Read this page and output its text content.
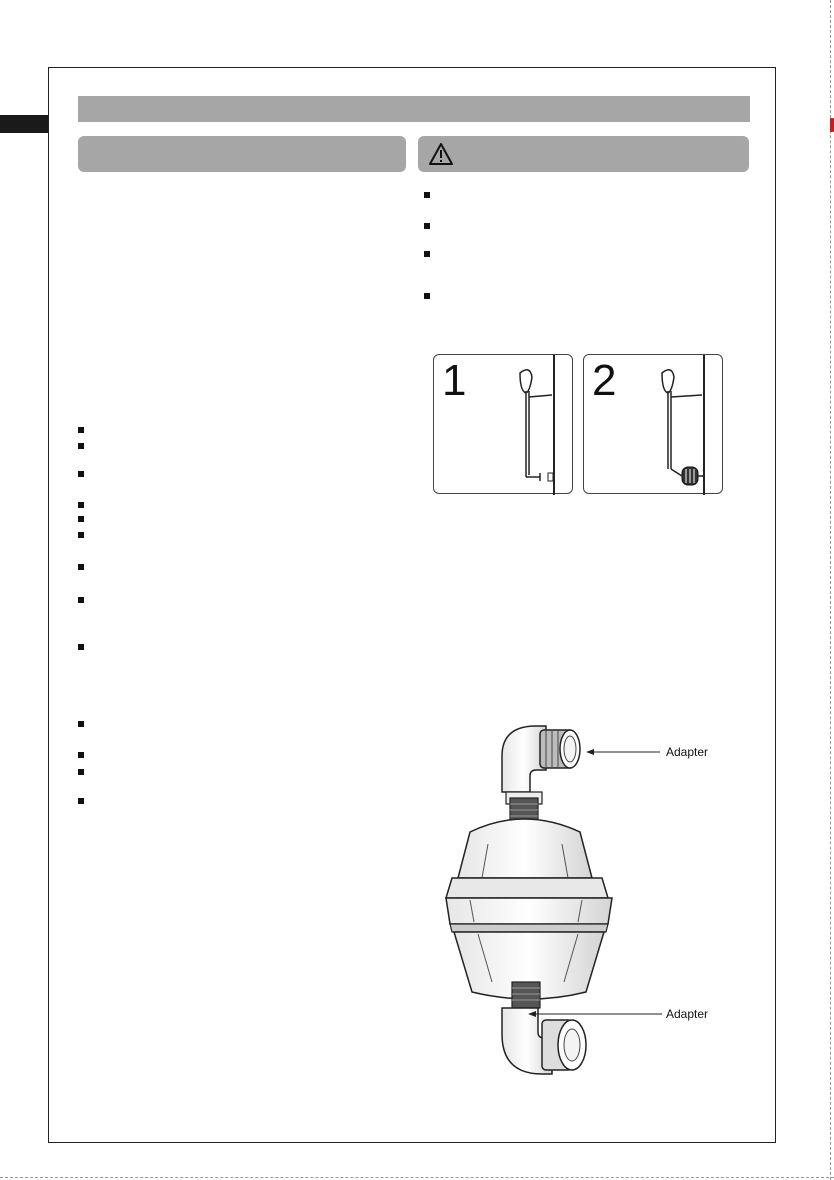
1	2
Adapter
Adapter
